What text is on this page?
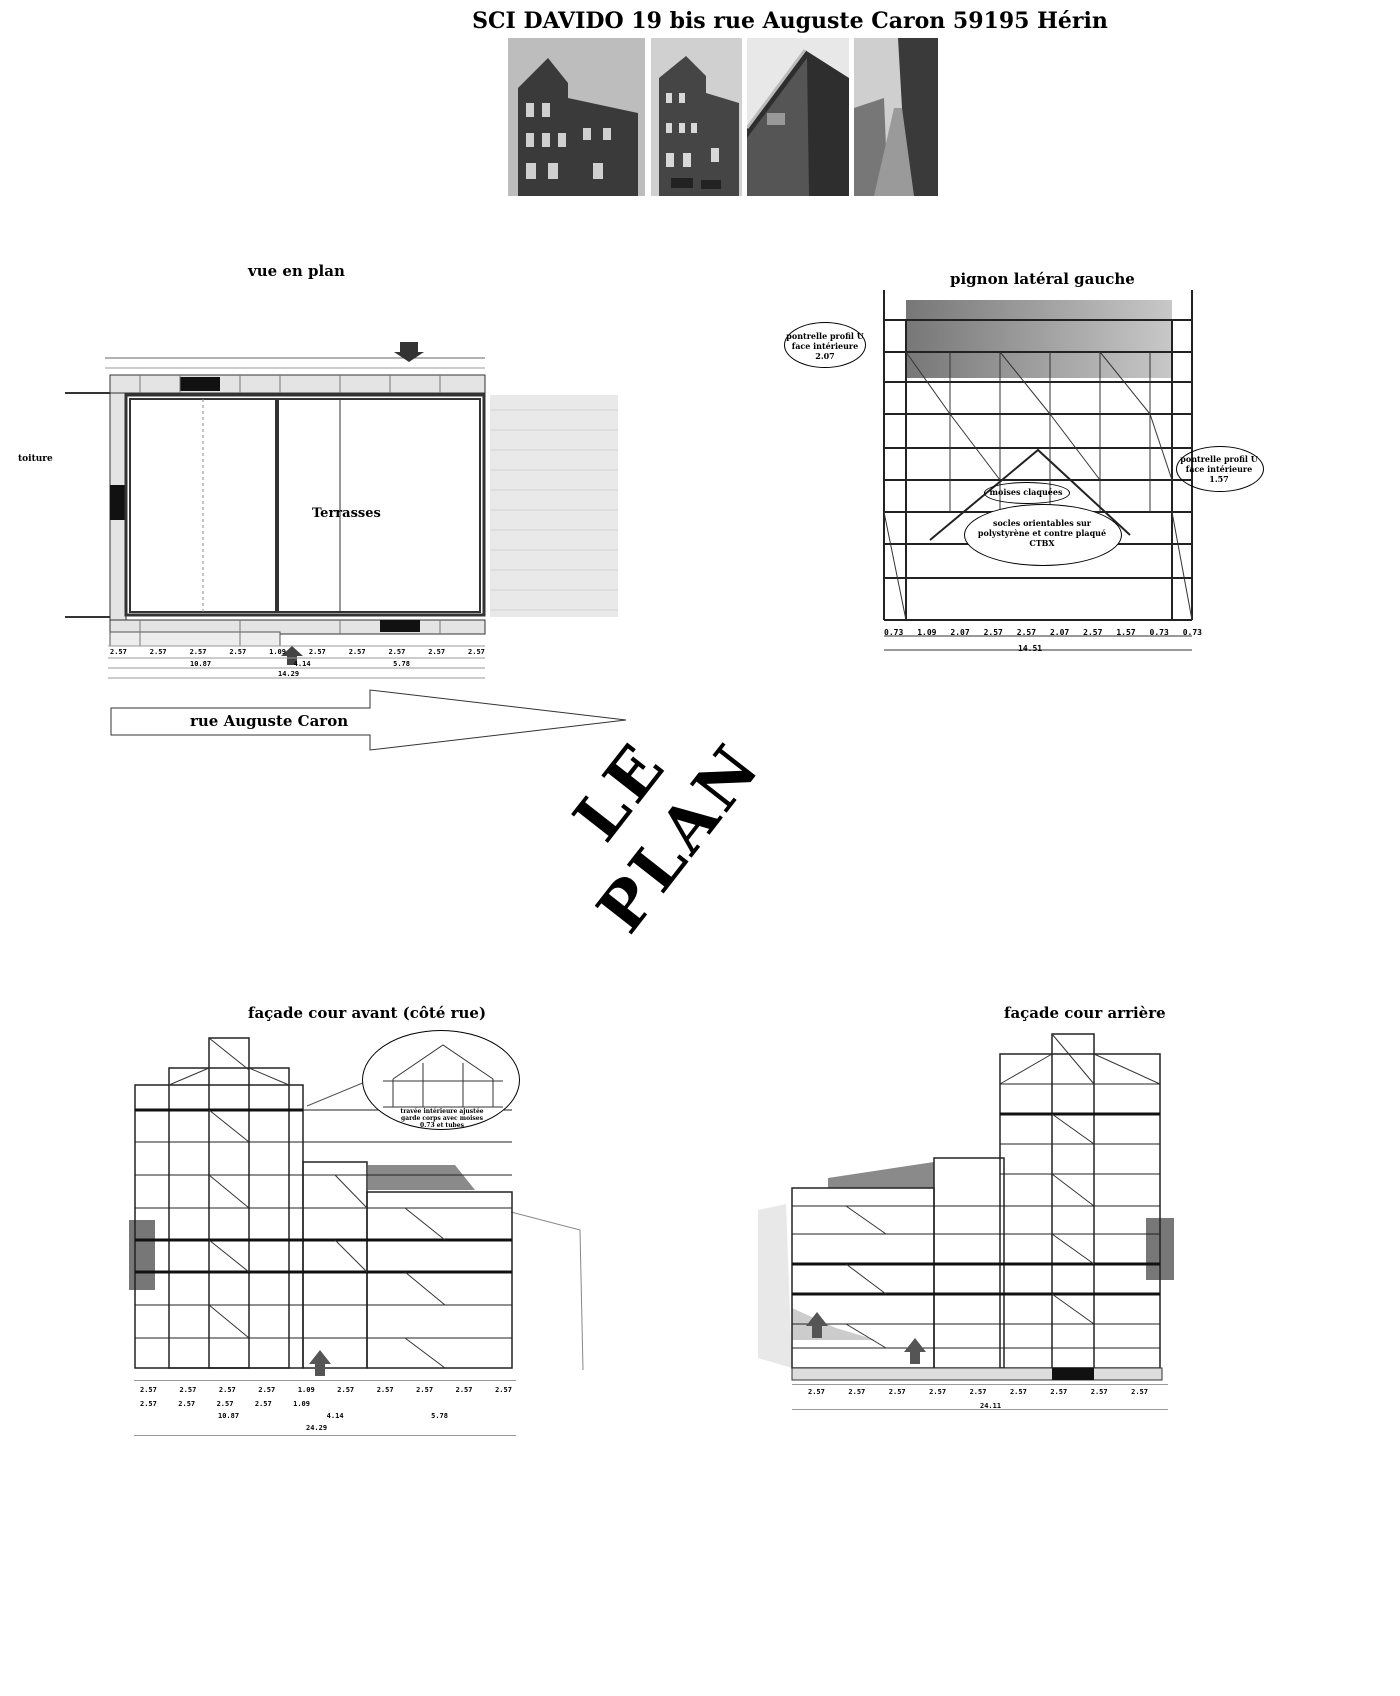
SCI DAVIDO 19 bis rue Auguste Caron 59195 Hérin
vue en plan
toiture
Terrasses
rue Auguste Caron
2.57	2.57	2.57	2.57	1.09	2.57	2.57	2.57	2.57	2.57
10.87	4.14	5.78
14.29
LE PLAN
pignon latéral gauche
pontrelle profil U face intérieure 2.07
pontrelle profil U face intérieure 1.57
moises claquées
socles orientables sur polystyrène et contre plaqué CTBX
0.73 1.09 2.07 2.57 2.57 2.07 2.57 1.57 0.73 0.73
14.51
façade cour avant (côté rue)
travée intérieure ajustée garde corps avec moises 0.73 et tubes
2.57	2.57	2.57	2.57	1.09	2.57	2.57	2.57	2.57	2.57
2.57	2.57	2.57	2.57	1.09
10.87	4.14	5.78
24.29
façade cour arrière
2.57	2.57	2.57	2.57	2.57	2.57	2.57	2.57	2.57
24.11
